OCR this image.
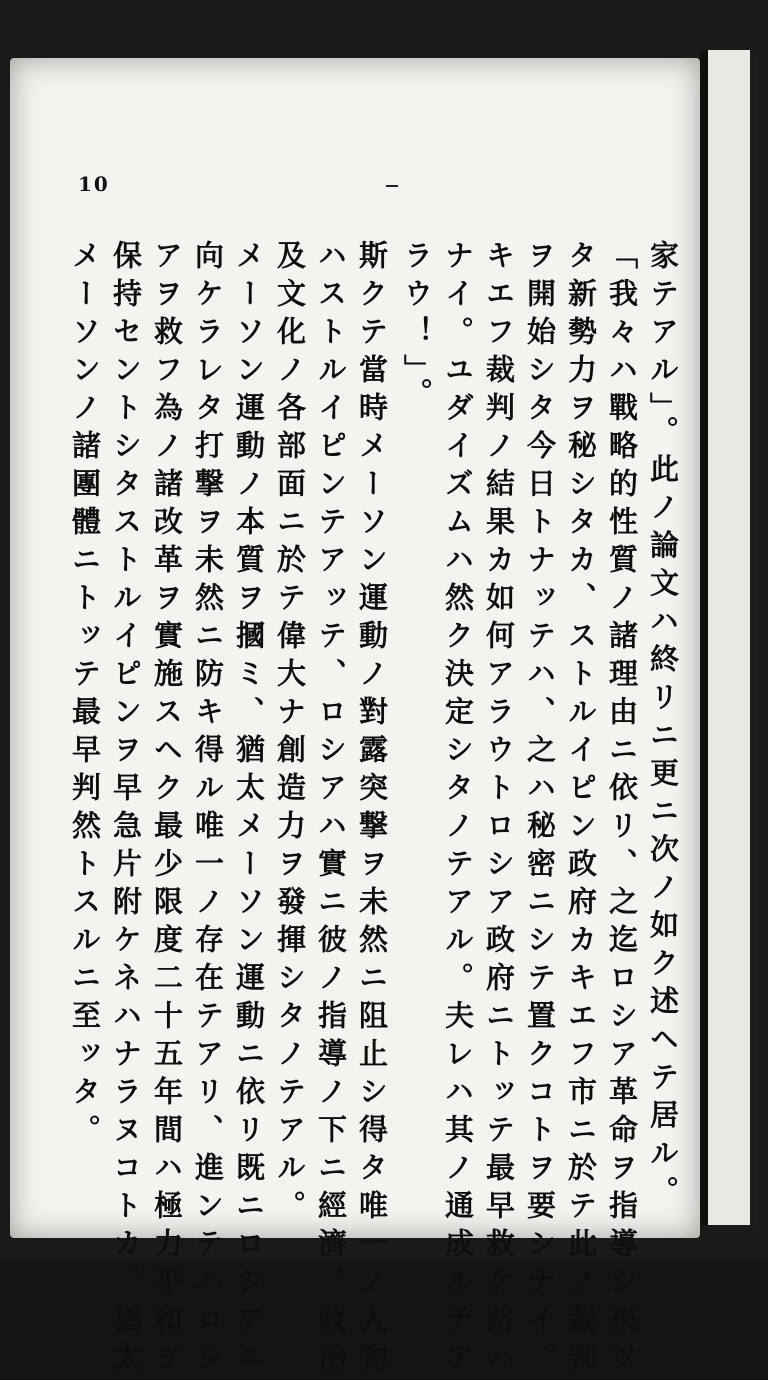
10
家テアル」。此ノ論文ハ終リニ更ニ次ノ如ク述ヘテ居ル。
「我々ハ戰略的性質ノ諸理由ニ依リ、之迄ロシア革命ヲ指導シ來ツ
タ新勢力ヲ秘シタカ、ストルイピン政府カキエフ市ニ於テ此ノ裁判
ヲ開始シタ今日トナッテハ、之ハ秘密ニシテ置クコトヲ要シナイ。
キエフ裁判ノ結果カ如何アラウトロシア政府ニトッテ最早救ケ路ハ
ナイ。ユダイズムハ然ク決定シタノテアル。夫レハ其ノ通成ルテア
ラウ！」。
斯クテ當時メーソン運動ノ對露突撃ヲ未然ニ阻止シ得タ唯一ノ人物
ハストルイピンテアッテ、ロシアハ實ニ彼ノ指導ノ下ニ經濟、政治
及文化ノ各部面ニ於テ偉大ナ創造力ヲ發揮シタノテアル。
メーソン運動ノ本質ヲ摑ミ、猶太メーソン運動ニ依リ既ニロシアニ
向ケラレタ打撃ヲ未然ニ防キ得ル唯一ノ存在テアリ、進ンテハロシ
アヲ救フ為ノ諸改革ヲ實施スヘク最少限度二十五年間ハ極力平和ヲ
保持セントシタストルイピンヲ早急片附ケネハナラヌコトカ、猶太
メーソンノ諸團體ニトッテ最早判然トスルニ至ッタ。
